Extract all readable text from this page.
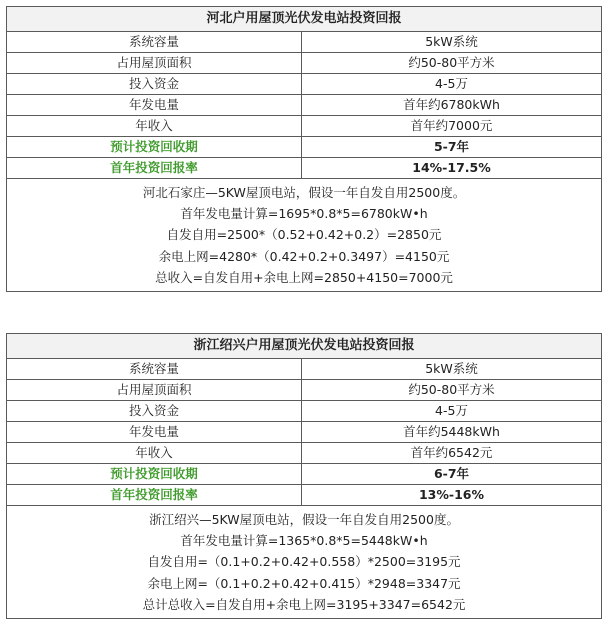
河北户用屋顶光伏发电站投资回报	
系统容量	5kW系统
占用屋顶面积	约50-80平方米
投入资金	4-5万
年发电量	首年约6780kWh
年收入	首年约7000元
预计投资回收期	5-7年
首年投资回报率	14%-17.5%

河北石家庄—5KW屋顶电站，假设一年自发自用2500度。
首年发电量计算=1695*0.8*5=6780kW•h
自发自用=2500*（0.52+0.42+0.2）=2850元
余电上网=4280*（0.42+0.2+0.3497）=4150元
总收入=自发自用+余电上网=2850+4150=7000元	
浙江绍兴户用屋顶光伏发电站投资回报	
系统容量	5kW系统
占用屋顶面积	约50-80平方米
投入资金	4-5万
年发电量	首年约5448kWh
年收入	首年约6542元
预计投资回收期	6-7年
首年投资回报率	13%-16%

浙江绍兴—5KW屋顶电站，假设一年自发自用2500度。
首年发电量计算=1365*0.8*5=5448kW•h
自发自用=（0.1+0.2+0.42+0.558）*2500=3195元
余电上网=（0.1+0.2+0.42+0.415）*2948=3347元
总计总收入=自发自用+余电上网=3195+3347=6542元	
